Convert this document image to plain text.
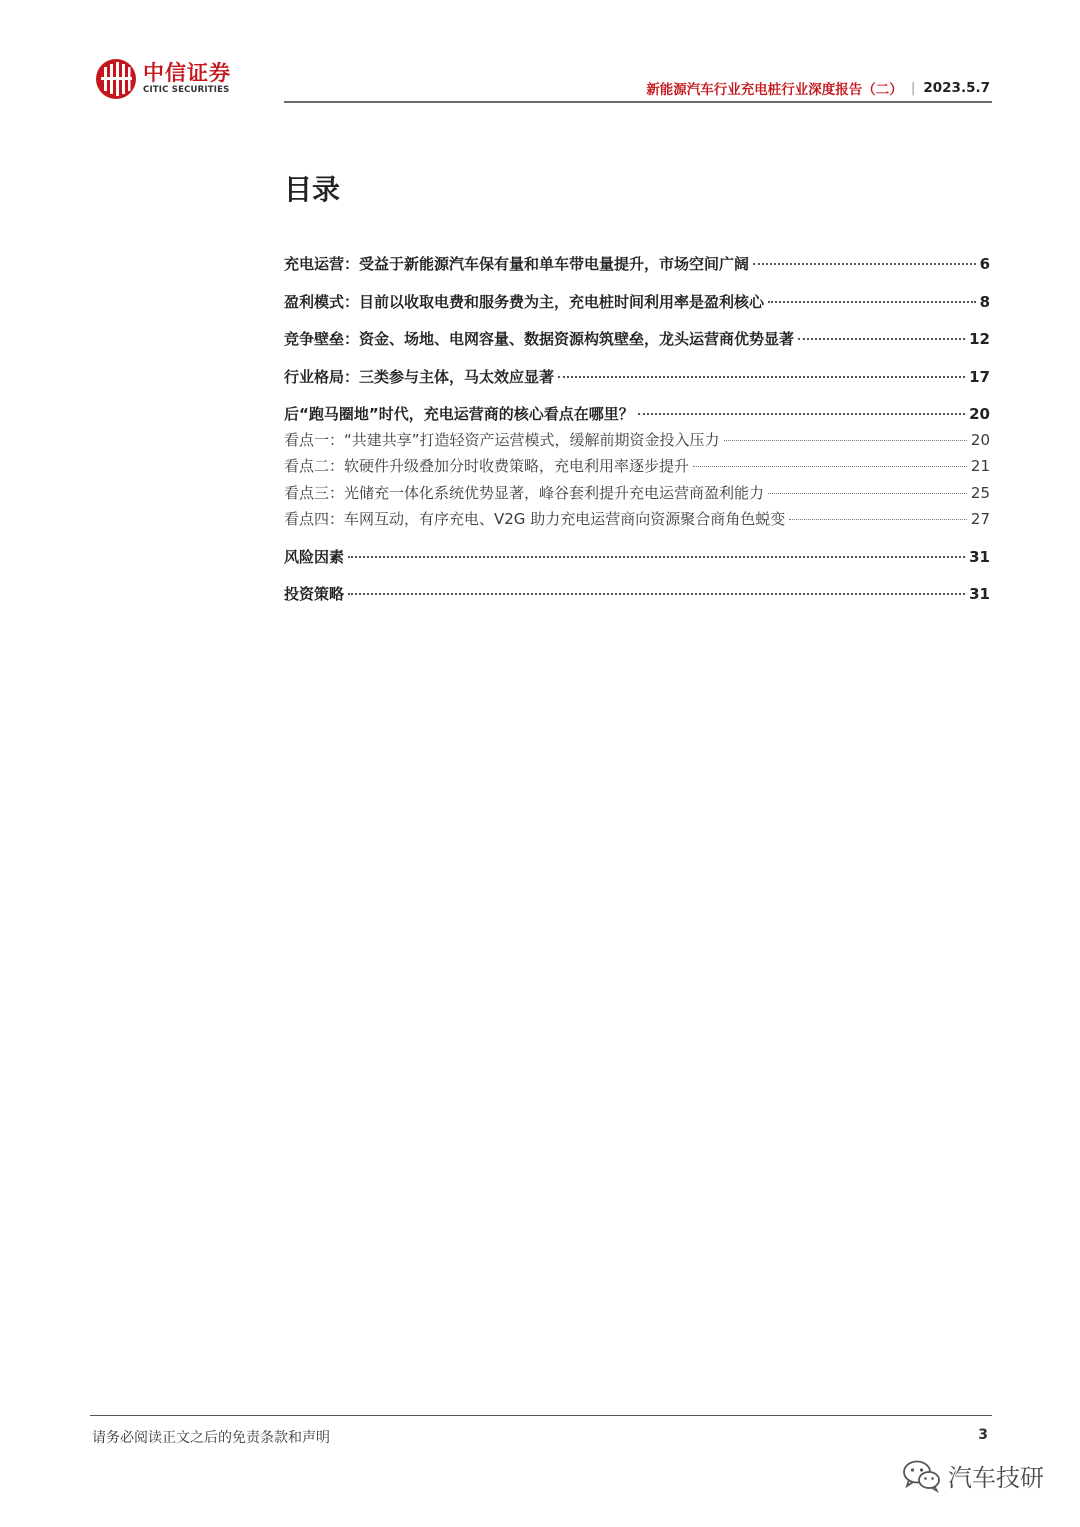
中信证券
CITIC SECURITIES	新能源汽车行业充电桩行业深度报告（二） | 2023.5.7
目录
充电运营：受益于新能源汽车保有量和单车带电量提升，市场空间广阔	6
盈利模式：目前以收取电费和服务费为主，充电桩时间利用率是盈利核心	8
竞争壁垒：资金、场地、电网容量、数据资源构筑壁垒，龙头运营商优势显著	12
行业格局：三类参与主体，马太效应显著	17
后“跑马圈地”时代，充电运营商的核心看点在哪里？	20
看点一：“共建共享”打造轻资产运营模式，缓解前期资金投入压力	20
看点二：软硬件升级叠加分时收费策略，充电利用率逐步提升	21
看点三：光储充一体化系统优势显著，峰谷套利提升充电运营商盈利能力	25
看点四：车网互动，有序充电、V2G 助力充电运营商向资源聚合商角色蜕变	27
风险因素	31
投资策略	31
请务必阅读正文之后的免责条款和声明	3
汽车技研
